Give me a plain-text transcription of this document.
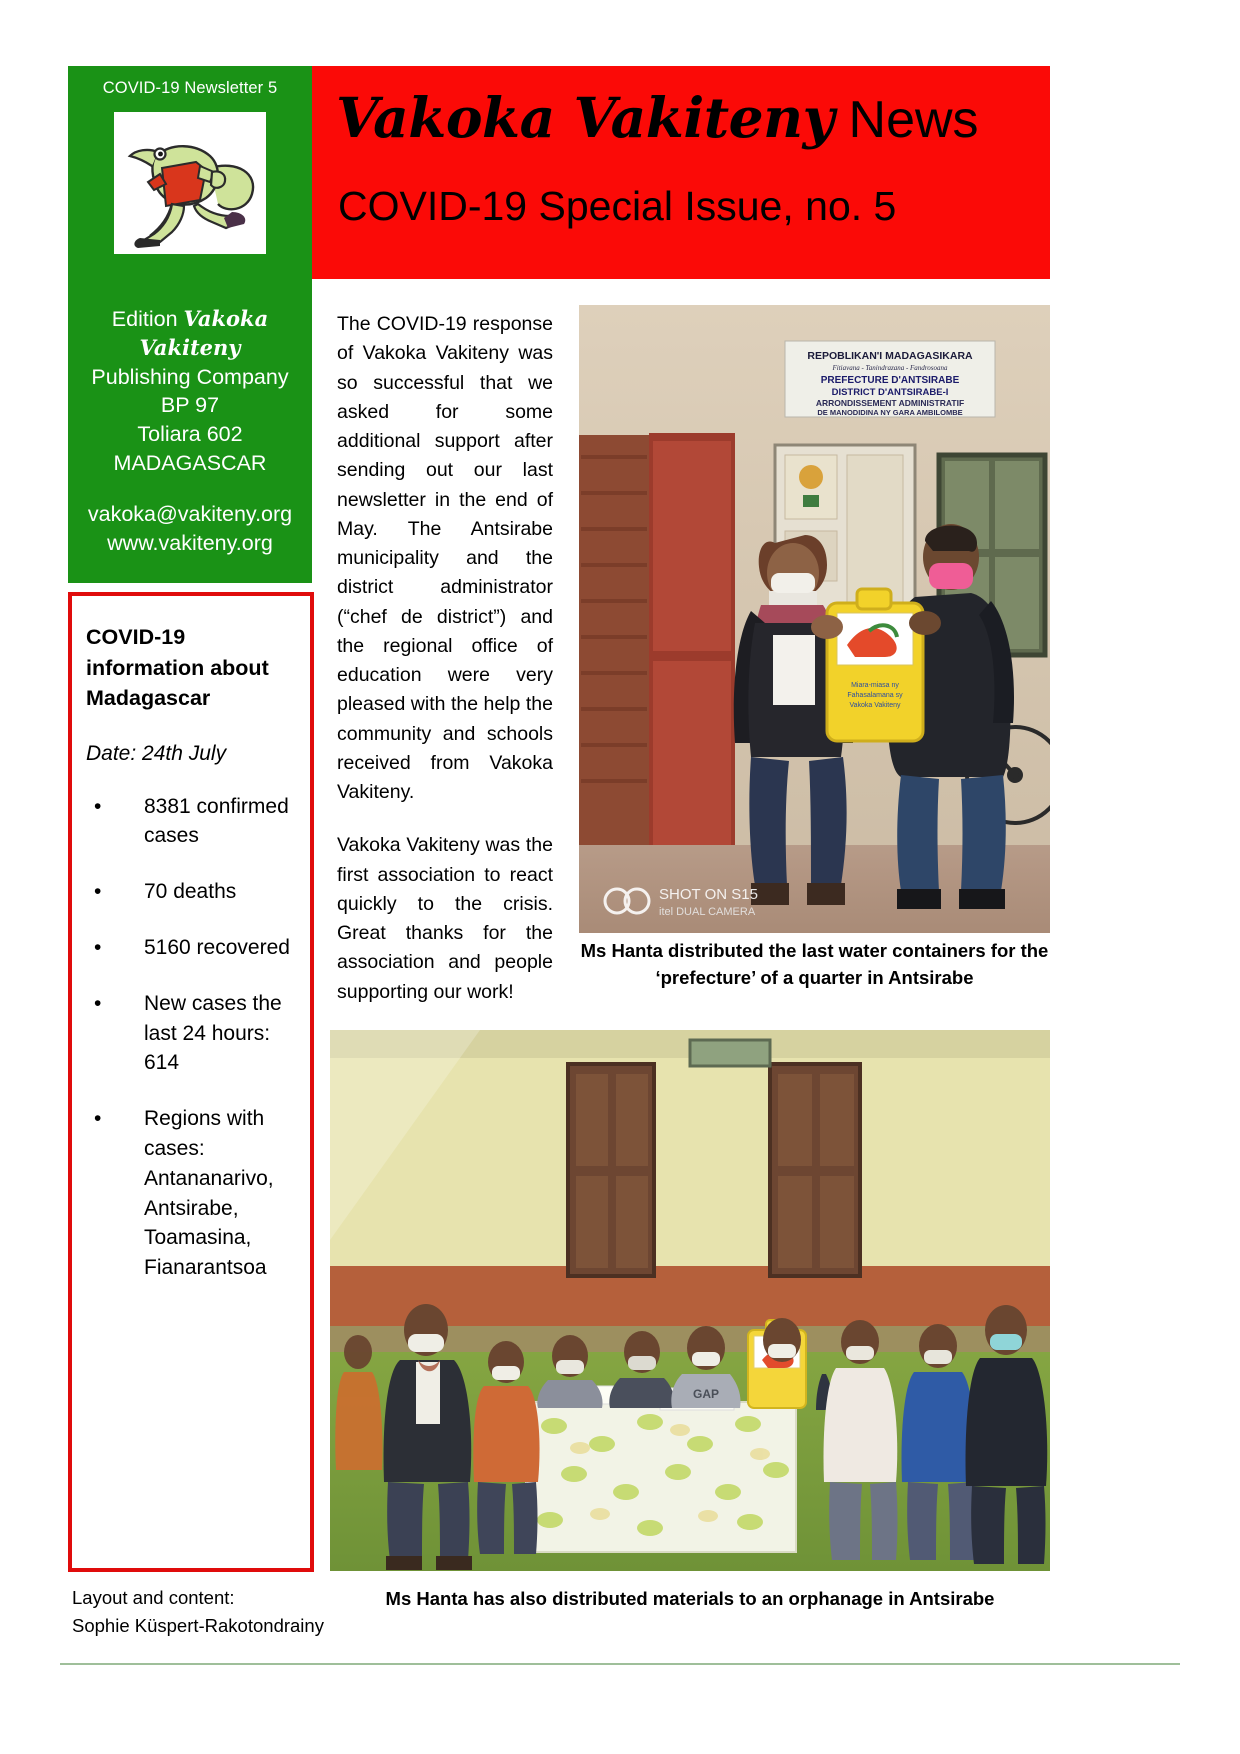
COVID-19 Newsletter 5	Vakoka Vakiteny News
COVID-19 Special Issue, no. 5
Edition Vakoka Vakiteny
Publishing Company
BP 97
Toliara 602
MADAGASCAR
vakoka@vakiteny.org
www.vakiteny.org
COVID-19 information about Madagascar

Date: 24th July

• 8381 confirmed cases
• 70 deaths
• 5160 recovered
• New cases the last 24 hours: 614
• Regions with cases: Antananarivo, Antsirabe, Toamasina, Fianarantsoa
Layout and content:
Sophie Küspert-Rakotondrainy

The COVID-19 response of Vakoka Vakiteny was so successful that we asked for some additional support after sending out our last newsletter in the end of May. The Antsirabe municipality and the district administrator (“chef de district”) and the regional office of education were very pleased with the help the community and schools received from Vakoka Vakiteny.

Vakoka Vakiteny was the first association to react quickly to the crisis. Great thanks for the association and people supporting our work!

REPOBLIKAN'I MADAGASIKARA
Fitiavana - Tanindrazana - Fandrosoana
PREFECTURE D'ANTSIRABE
DISTRICT D'ANTSIRABE-I
ARRONDISSEMENT ADMINISTRATIF
DE MANODIDINA NY GARA AMBILOMBE
Miara-miasa ny
Fahasalamana sy
Vakoka Vakiteny
SHOT ON S15
itel DUAL CAMERA
Ms Hanta distributed the last water containers for the ‘prefecture’ of a quarter in Antsirabe
GAP
Ms Hanta has also distributed materials to an orphanage in Antsirabe
